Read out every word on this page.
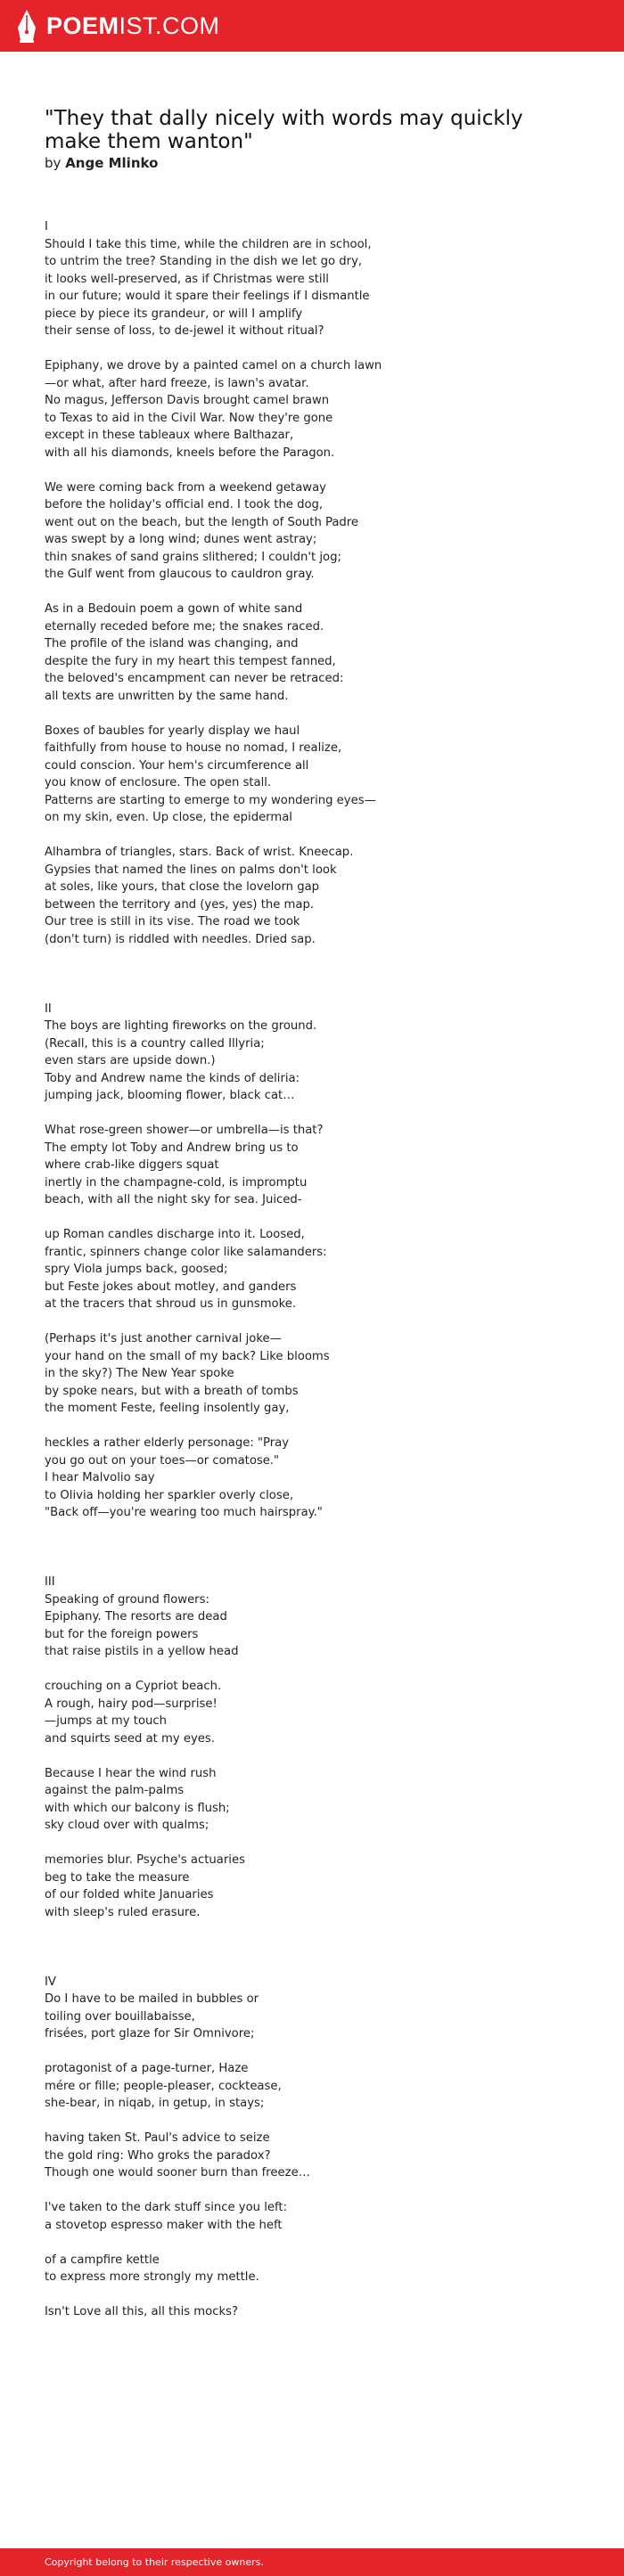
POEMIST.COM
"They that dally nicely with words may quickly make them wanton"
by Ange Mlinko
I
Should I take this time, while the children are in school,
to untrim the tree? Standing in the dish we let go dry,
it looks well-preserved, as if Christmas were still
in our future; would it spare their feelings if I dismantle
piece by piece its grandeur, or will I amplify
their sense of loss, to de-jewel it without ritual?
Epiphany, we drove by a painted camel on a church lawn
—or what, after hard freeze, is lawn's avatar.
No magus, Jefferson Davis brought camel brawn
to Texas to aid in the Civil War. Now they're gone
except in these tableaux where Balthazar,
with all his diamonds, kneels before the Paragon.
We were coming back from a weekend getaway
before the holiday's official end. I took the dog,
went out on the beach, but the length of South Padre
was swept by a long wind; dunes went astray;
thin snakes of sand grains slithered; I couldn't jog;
the Gulf went from glaucous to cauldron gray.
As in a Bedouin poem a gown of white sand
eternally receded before me; the snakes raced.
The profile of the island was changing, and
despite the fury in my heart this tempest fanned,
the beloved's encampment can never be retraced:
all texts are unwritten by the same hand.
Boxes of baubles for yearly display we haul
faithfully from house to house no nomad, I realize,
could conscion. Your hem's circumference all
you know of enclosure. The open stall.
Patterns are starting to emerge to my wondering eyes—
on my skin, even. Up close, the epidermal
Alhambra of triangles, stars. Back of wrist. Kneecap.
Gypsies that named the lines on palms don't look
at soles, like yours, that close the lovelorn gap
between the territory and (yes, yes) the map.
Our tree is still in its vise. The road we took
(don't turn) is riddled with needles. Dried sap.
II
The boys are lighting fireworks on the ground.
(Recall, this is a country called Illyria;
even stars are upside down.)
Toby and Andrew name the kinds of deliria:
jumping jack, blooming flower, black cat…
What rose-green shower—or umbrella—is that?
The empty lot Toby and Andrew bring us to
where crab-like diggers squat
inertly in the champagne-cold, is impromptu
beach, with all the night sky for sea. Juiced-
up Roman candles discharge into it. Loosed,
frantic, spinners change color like salamanders:
spry Viola jumps back, goosed;
but Feste jokes about motley, and ganders
at the tracers that shroud us in gunsmoke.
(Perhaps it's just another carnival joke—
your hand on the small of my back? Like blooms
in the sky?) The New Year spoke
by spoke nears, but with a breath of tombs
the moment Feste, feeling insolently gay,
heckles a rather elderly personage: "Pray
you go out on your toes—or comatose."
I hear Malvolio say
to Olivia holding her sparkler overly close,
"Back off—you're wearing too much hairspray."
III
Speaking of ground flowers:
Epiphany. The resorts are dead
but for the foreign powers
that raise pistils in a yellow head
crouching on a Cypriot beach.
A rough, hairy pod—surprise!
—jumps at my touch
and squirts seed at my eyes.
Because I hear the wind rush
against the palm-palms
with which our balcony is flush;
sky cloud over with qualms;
memories blur. Psyche's actuaries
beg to take the measure
of our folded white Januaries
with sleep's ruled erasure.
IV
Do I have to be mailed in bubbles or
toiling over bouillabaisse,
frisées, port glaze for Sir Omnivore;
protagonist of a page-turner, Haze
mére or fille; people-pleaser, cocktease,
she-bear, in niqab, in getup, in stays;
having taken St. Paul's advice to seize
the gold ring: Who groks the paradox?
Though one would sooner burn than freeze…
I've taken to the dark stuff since you left:
a stovetop espresso maker with the heft
of a campfire kettle
to express more strongly my mettle.
Isn't Love all this, all this mocks?
Copyright belong to their respective owners.
